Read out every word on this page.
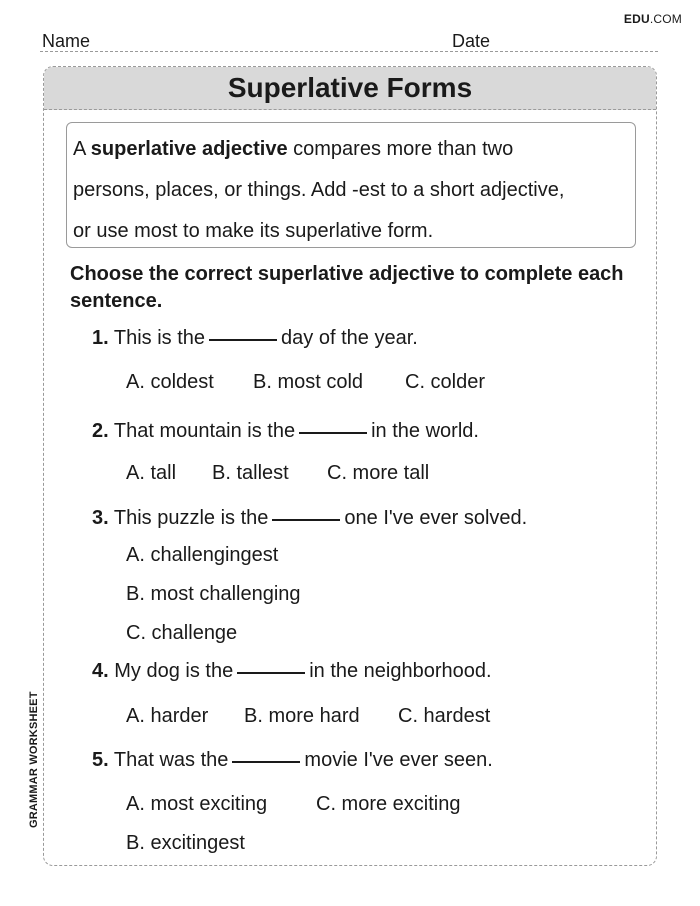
EDU.COM
Name	Date
GRAMMAR WORKSHEET
Superlative Forms
A superlative adjective compares more than two
persons, places, or things. Add -est to a short adjective,
or use most to make its superlative form.
Choose the correct superlative adjective to complete each sentence.
1. This is the	day of the year.
A. coldest B. most cold C. colder
2. That mountain is the	in the world.
A. tall B. tallest C. more tall
3. This puzzle is the	one I've ever solved.
A. challengingest
B. most challenging
C. challenge
4. My dog is the	in the neighborhood.
A. harder B. more hard C. hardest
5. That was the	movie I've ever seen.
A. most exciting C. more exciting
B. excitingest
